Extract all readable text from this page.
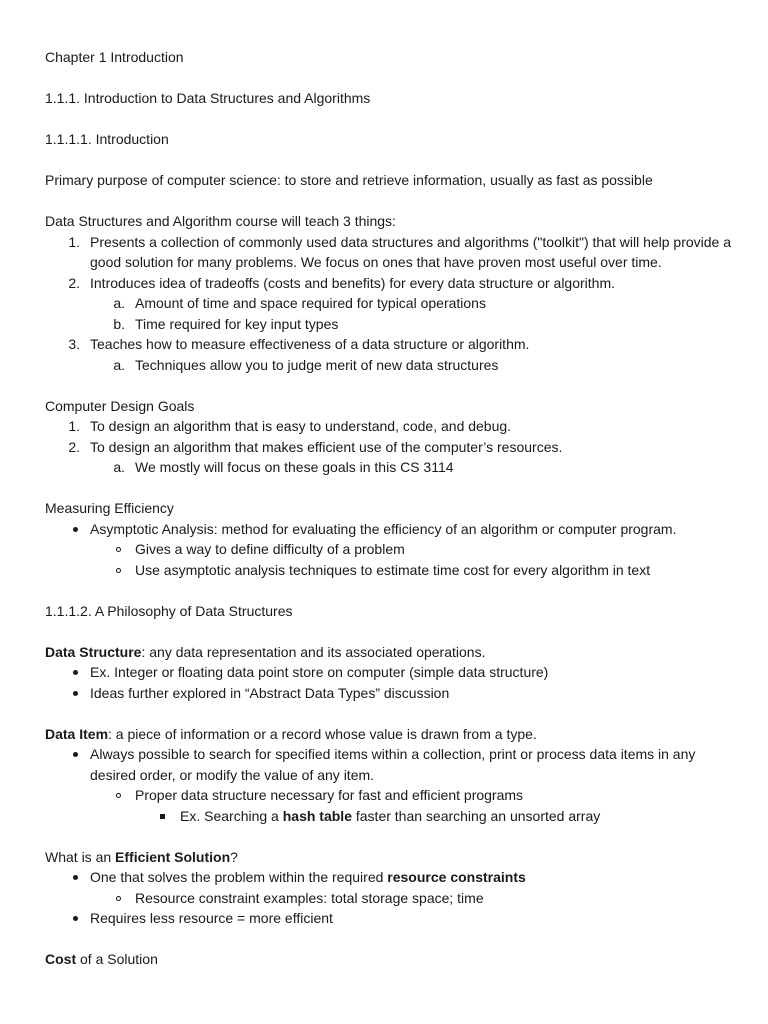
Chapter 1 Introduction
1.1.1. Introduction to Data Structures and Algorithms
1.1.1.1. Introduction
Primary purpose of computer science: to store and retrieve information, usually as fast as possible
Data Structures and Algorithm course will teach 3 things:
1. Presents a collection of commonly used data structures and algorithms ("toolkit") that will help provide a
good solution for many problems. We focus on ones that have proven most useful over time.
2. Introduces idea of tradeoffs (costs and benefits) for every data structure or algorithm.
a. Amount of time and space required for typical operations
b. Time required for key input types
3. Teaches how to measure effectiveness of a data structure or algorithm.
a. Techniques allow you to judge merit of new data structures
Computer Design Goals
1. To design an algorithm that is easy to understand, code, and debug.
2. To design an algorithm that makes efficient use of the computer’s resources.
a. We mostly will focus on these goals in this CS 3114
Measuring Efficiency
Asymptotic Analysis: method for evaluating the efficiency of an algorithm or computer program.
Gives a way to define difficulty of a problem
Use asymptotic analysis techniques to estimate time cost for every algorithm in text
1.1.1.2. A Philosophy of Data Structures
Data Structure: any data representation and its associated operations.
Ex. Integer or floating data point store on computer (simple data structure)
Ideas further explored in “Abstract Data Types” discussion
Data Item: a piece of information or a record whose value is drawn from a type.
Always possible to search for specified items within a collection, print or process data items in any
desired order, or modify the value of any item.
Proper data structure necessary for fast and efficient programs
Ex. Searching a hash table faster than searching an unsorted array
What is an Efficient Solution?
One that solves the problem within the required resource constraints
Resource constraint examples: total storage space; time
Requires less resource = more efficient
Cost of a Solution
